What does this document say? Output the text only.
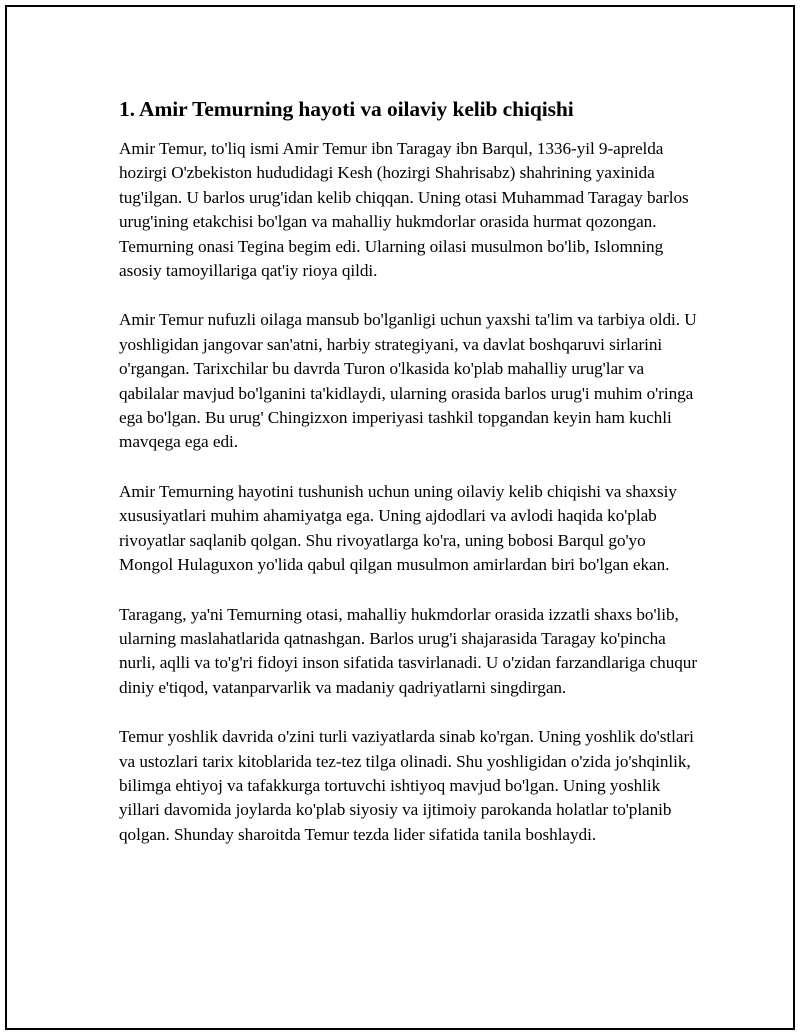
1. Amir Temurning hayoti va oilaviy kelib chiqishi

Amir Temur, to'liq ismi Amir Temur ibn Taragay ibn Barqul, 1336-yil 9-aprelda hozirgi O'zbekiston hududidagi Kesh (hozirgi Shahrisabz) shahrining yaxinida tug'ilgan. U barlos urug'idan kelib chiqqan. Uning otasi Muhammad Taragay barlos urug'ining etakchisi bo'lgan va mahalliy hukmdorlar orasida hurmat qozongan. Temurning onasi Tegina begim edi. Ularning oilasi musulmon bo'lib, Islomning asosiy tamoyillariga qat'iy rioya qildi.

Amir Temur nufuzli oilaga mansub bo'lganligi uchun yaxshi ta'lim va tarbiya oldi. U yoshligidan jangovar san'atni, harbiy strategiyani, va davlat boshqaruvi sirlarini o'rgangan. Tarixchilar bu davrda Turon o'lkasida ko'plab mahalliy urug'lar va qabilalar mavjud bo'lganini ta'kidlaydi, ularning orasida barlos urug'i muhim o'ringa ega bo'lgan. Bu urug' Chingizxon imperiyasi tashkil topgandan keyin ham kuchli mavqega ega edi.

Amir Temurning hayotini tushunish uchun uning oilaviy kelib chiqishi va shaxsiy xususiyatlari muhim ahamiyatga ega. Uning ajdodlari va avlodi haqida ko'plab rivoyatlar saqlanib qolgan. Shu rivoyatlarga ko'ra, uning bobosi Barqul go'yo Mongol Hulaguxon yo'lida qabul qilgan musulmon amirlardan biri bo'lgan ekan.

Taragang, ya'ni Temurning otasi, mahalliy hukmdorlar orasida izzatli shaxs bo'lib, ularning maslahatlarida qatnashgan. Barlos urug'i shajarasida Taragay ko'pincha nurli, aqlli va to'g'ri fidoyi inson sifatida tasvirlanadi. U o'zidan farzandlariga chuqur diniy e'tiqod, vatanparvarlik va madaniy qadriyatlarni singdirgan.

Temur yoshlik davrida o'zini turli vaziyatlarda sinab ko'rgan. Uning yoshlik do'stlari va ustozlari tarix kitoblarida tez-tez tilga olinadi. Shu yoshligidan o'zida jo'shqinlik, bilimga ehtiyoj va tafakkurga tortuvchi ishtiyoq mavjud bo'lgan. Uning yoshlik yillari davomida joylarda ko'plab siyosiy va ijtimoiy parokanda holatlar to'planib qolgan. Shunday sharoitda Temur tezda lider sifatida tanila boshlaydi.
